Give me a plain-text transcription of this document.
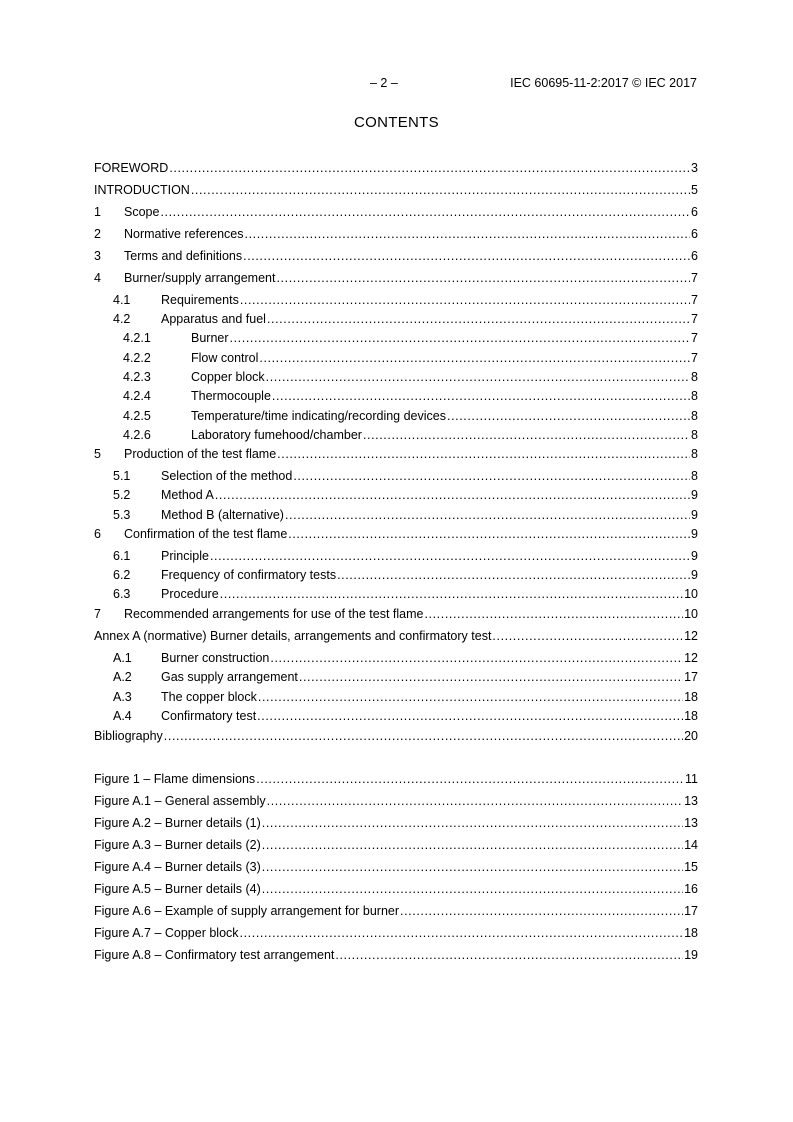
– 2 –	IEC 60695-11-2:2017 © IEC 2017
CONTENTS
FOREWORD .....	3
INTRODUCTION .....	5
1	Scope .....	6
2	Normative references .....	6
3	Terms and definitions .....	6
4	Burner/supply arrangement .....	7
4.1	Requirements .....	7
4.2	Apparatus and fuel .....	7
4.2.1	Burner .....	7
4.2.2	Flow control .....	7
4.2.3	Copper block .....	8
4.2.4	Thermocouple .....	8
4.2.5	Temperature/time indicating/recording devices .....	8
4.2.6	Laboratory fumehood/chamber .....	8
5	Production of the test flame .....	8
5.1	Selection of the method .....	8
5.2	Method A .....	9
5.3	Method B (alternative) .....	9
6	Confirmation of the test flame .....	9
6.1	Principle .....	9
6.2	Frequency of confirmatory tests .....	9
6.3	Procedure .....	10
7	Recommended arrangements for use of the test flame .....	10
Annex A (normative) Burner details, arrangements and confirmatory test .....	12
A.1	Burner construction .....	12
A.2	Gas supply arrangement .....	17
A.3	The copper block .....	18
A.4	Confirmatory test .....	18
Bibliography .....	20
Figure 1 – Flame dimensions .....	11
Figure A.1 – General assembly .....	13
Figure A.2 – Burner details (1) .....	13
Figure A.3 – Burner details (2) .....	14
Figure A.4 – Burner details (3) .....	15
Figure A.5 – Burner details (4) .....	16
Figure A.6 – Example of supply arrangement for burner .....	17
Figure A.7 – Copper block .....	18
Figure A.8 – Confirmatory test arrangement .....	19
